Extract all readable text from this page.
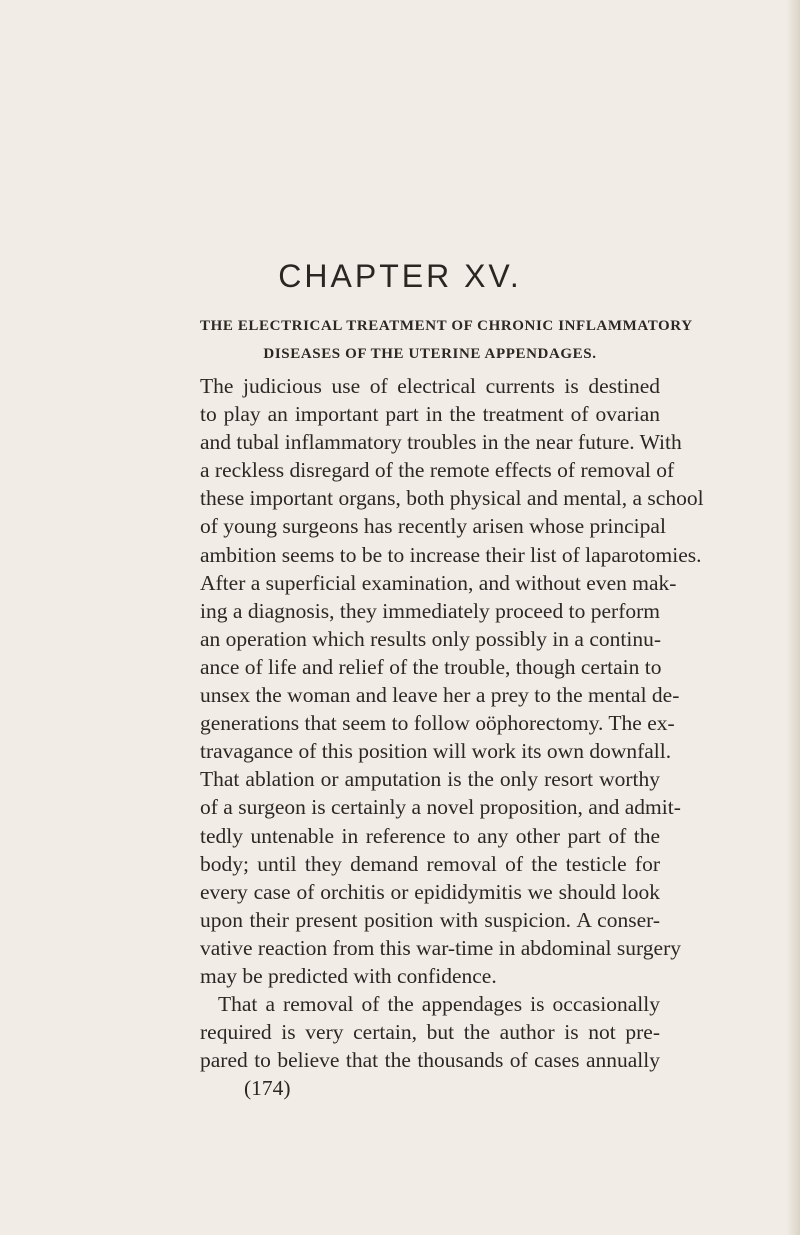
CHAPTER XV.
THE ELECTRICAL TREATMENT OF CHRONIC INFLAMMATORY
DISEASES OF THE UTERINE APPENDAGES.
The judicious use of electrical currents is destined
to play an important part in the treatment of ovarian
and tubal inflammatory troubles in the near future. With
a reckless disregard of the remote effects of removal of
these important organs, both physical and mental, a school
of young surgeons has recently arisen whose principal
ambition seems to be to increase their list of laparotomies.
After a superficial examination, and without even mak-
ing a diagnosis, they immediately proceed to perform
an operation which results only possibly in a continu-
ance of life and relief of the trouble, though certain to
unsex the woman and leave her a prey to the mental de-
generations that seem to follow oöphorectomy. The ex-
travagance of this position will work its own downfall.
That ablation or amputation is the only resort worthy
of a surgeon is certainly a novel proposition, and admit-
tedly untenable in reference to any other part of the
body; until they demand removal of the testicle for
every case of orchitis or epididymitis we should look
upon their present position with suspicion. A conser-
vative reaction from this war-time in abdominal surgery
may be predicted with confidence.
That a removal of the appendages is occasionally
required is very certain, but the author is not pre-
pared to believe that the thousands of cases annually
(174)
